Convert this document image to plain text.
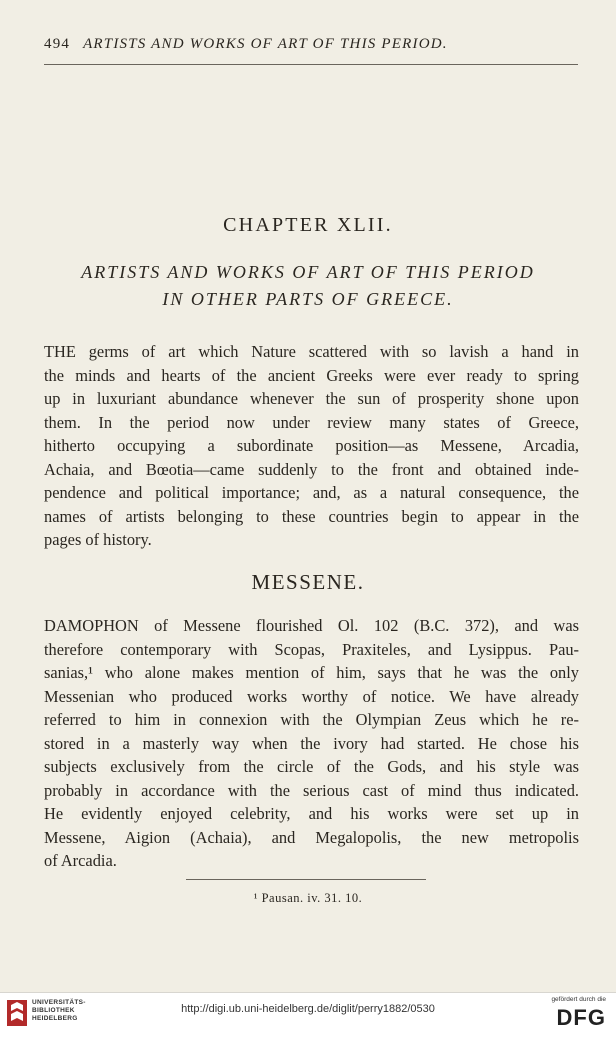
494 ARTISTS AND WORKS OF ART OF THIS PERIOD.
CHAPTER XLII.
ARTISTS AND WORKS OF ART OF THIS PERIOD
IN OTHER PARTS OF GREECE.
THE germs of art which Nature scattered with so lavish a hand in
the minds and hearts of the ancient Greeks were ever ready to spring
up in luxuriant abundance whenever the sun of prosperity shone upon
them. In the period now under review many states of Greece,
hitherto occupying a subordinate position—as Messene, Arcadia,
Achaia, and Bœotia—came suddenly to the front and obtained inde-
pendence and political importance; and, as a natural consequence, the
names of artists belonging to these countries begin to appear in the
pages of history.
MESSENE.
DAMOPHON of Messene flourished Ol. 102 (B.C. 372), and was
therefore contemporary with Scopas, Praxiteles, and Lysippus. Pau-
sanias,¹ who alone makes mention of him, says that he was the only
Messenian who produced works worthy of notice. We have already
referred to him in connexion with the Olympian Zeus which he re-
stored in a masterly way when the ivory had started. He chose his
subjects exclusively from the circle of the Gods, and his style was
probably in accordance with the serious cast of mind thus indicated.
He evidently enjoyed celebrity, and his works were set up in
Messene, Aigion (Achaia), and Megalopolis, the new metropolis
of Arcadia.
¹ Pausan. iv. 31. 10.
UNIVERSITÄTS-
BIBLIOTHEK
HEIDELBERG
http://digi.ub.uni-heidelberg.de/diglit/perry1882/0530
gefördert durch die
DFG
